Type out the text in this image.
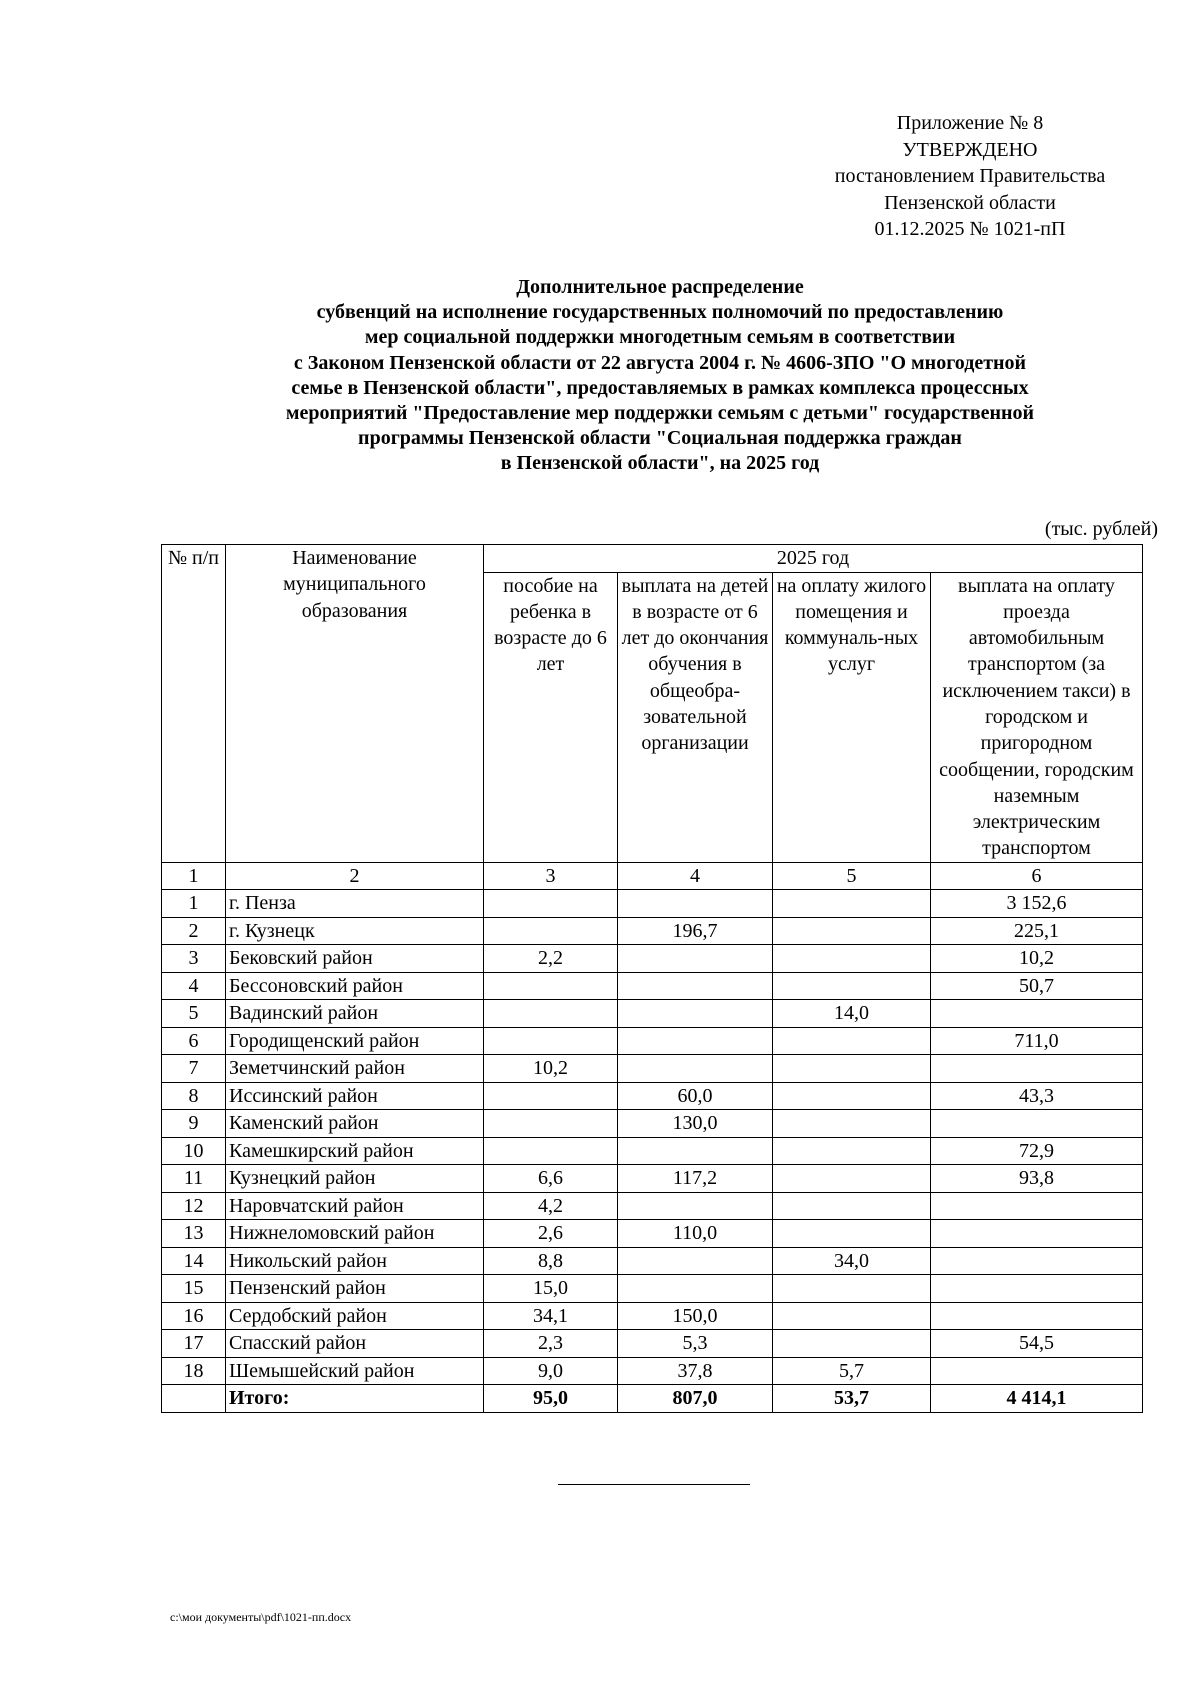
Приложение № 8
УТВЕРЖДЕНО
постановлением Правительства
Пензенской области
01.12.2025 № 1021-пП
Дополнительное распределение
субвенций на исполнение государственных полномочий по предоставлению
мер социальной поддержки многодетным семьям в соответствии
с Законом Пензенской области от 22 августа 2004 г. № 4606-ЗПО "О многодетной
семье в Пензенской области", предоставляемых в рамках комплекса процессных
мероприятий "Предоставление мер поддержки семьям с детьми" государственной
программы Пензенской области "Социальная поддержка граждан
в Пензенской области", на 2025 год
(тыс. рублей)
№ п/п	Наименование муниципального образования	2025 год			
		пособие на ребенка в возрасте до 6 лет	выплата на детей в возрасте от 6 лет до окончания обучения в общеобра-зовательной организации	на оплату жилого помещения и коммуналь-ных услуг	выплата на оплату проезда автомобильным транспортом (за исключением такси) в городском и пригородном сообщении, городским наземным электрическим транспортом
1	2	3	4	5	6
1	г. Пенза				3 152,6
2	г. Кузнецк		196,7		225,1
3	Бековский район	2,2			10,2
4	Бессоновский район				50,7
5	Вадинский район			14,0	
6	Городищенский район				711,0
7	Земетчинский район	10,2			
8	Иссинский район		60,0		43,3
9	Каменский район		130,0		
10	Камешкирский район				72,9
11	Кузнецкий район	6,6	117,2		93,8
12	Наровчатский район	4,2			
13	Нижнеломовский район	2,6	110,0		
14	Никольский район	8,8		34,0	
15	Пензенский район	15,0			
16	Сердобский район	34,1	150,0		
17	Спасский район	2,3	5,3		54,5
18	Шемышейский район	9,0	37,8	5,7	
	Итого:	95,0	807,0	53,7	4 414,1
c:\мои документы\pdf\1021-пп.docx
